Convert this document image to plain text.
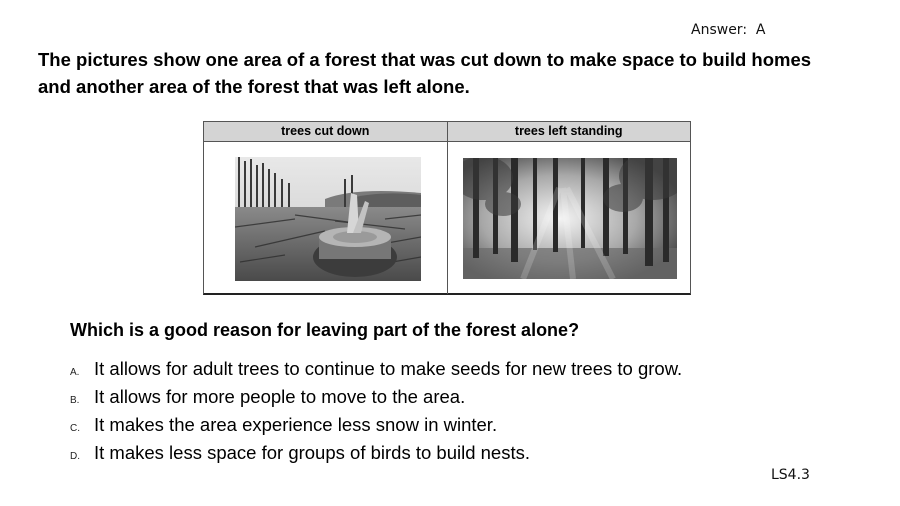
Answer:  A

The pictures show one area of a forest that was cut down to make space to build homes and another area of the forest that was left alone.

trees cut down	trees left standing

Which is a good reason for leaving part of the forest alone?

A. It allows for adult trees to continue to make seeds for new trees to grow.
B. It allows for more people to move to the area.
C. It makes the area experience less snow in winter.
D. It makes less space for groups of birds to build nests.
LS4.3
